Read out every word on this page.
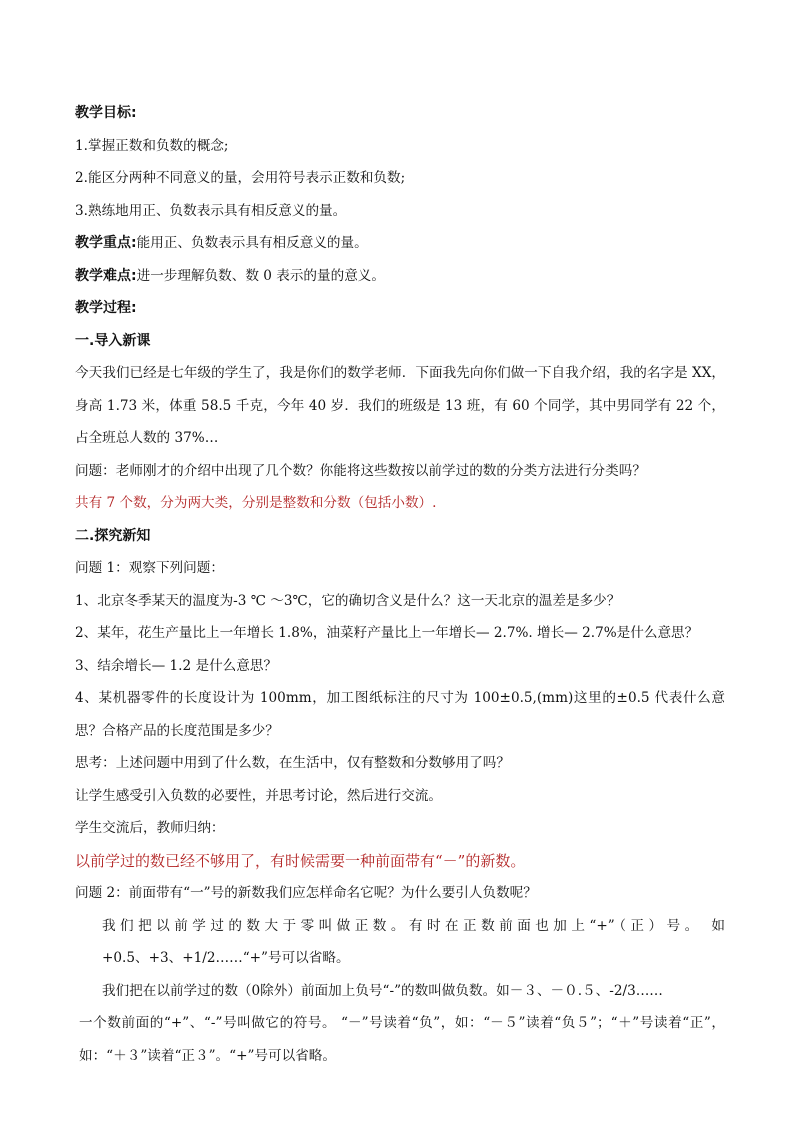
教学目标:

1.掌握正数和负数的概念;

2.能区分两种不同意义的量，会用符号表示正数和负数;

3.熟练地用正、负数表示具有相反意义的量。

教学重点:能用正、负数表示具有相反意义的量。

教学难点:进一步理解负数、数 0 表示的量的意义。

教学过程:

一.导入新课

今天我们已经是七年级的学生了，我是你们的数学老师．下面我先向你们做一下自我介绍，我的名字是 XX，身高 1.73 米，体重 58.5 千克，今年 40 岁．我们的班级是 13 班，有 60 个同学，其中男同学有 22 个，占全班总人数的 37%…

问题：老师刚才的介绍中出现了几个数？你能将这些数按以前学过的数的分类方法进行分类吗？

共有 7 个数，分为两大类，分别是整数和分数（包括小数）.

二.探究新知

问题 1：观察下列问题：

1、北京冬季某天的温度为-3 ℃ ～3℃，它的确切含义是什么？这一天北京的温差是多少？

2、某年，花生产量比上一年增长 1.8%，油菜籽产量比上一年增长— 2.7%. 增长— 2.7%是什么意思？

3、结余增长— 1.2 是什么意思？

4、某机器零件的长度设计为 100mm，加工图纸标注的尺寸为 100±0.5,(mm)这里的±0.5 代表什么意思？合格产品的长度范围是多少？

思考：上述问题中用到了什么数，在生活中，仅有整数和分数够用了吗？

让学生感受引入负数的必要性，并思考讨论，然后进行交流。

学生交流后，教师归纳：

以前学过的数已经不够用了，有时候需要一种前面带有“－”的新数。

问题 2：前面带有“一”号的新数我们应怎样命名它呢？为什么要引人负数呢？

我们把以前学过的数大于零叫做正数。有时在正数前面也加上“+”（正）号。 如+0.5、+3、+1/2……“+”号可以省略。

我们把在以前学过的数（0除外）前面加上负号“-”的数叫做负数。如－３、－０.５、-2/3……

一个数前面的“+”、“-”号叫做它的符号。 “－”号读着“负”，如：“－５”读着“负５”；“＋”号读着“正”，如：“＋３”读着“正３”。“+”号可以省略。
